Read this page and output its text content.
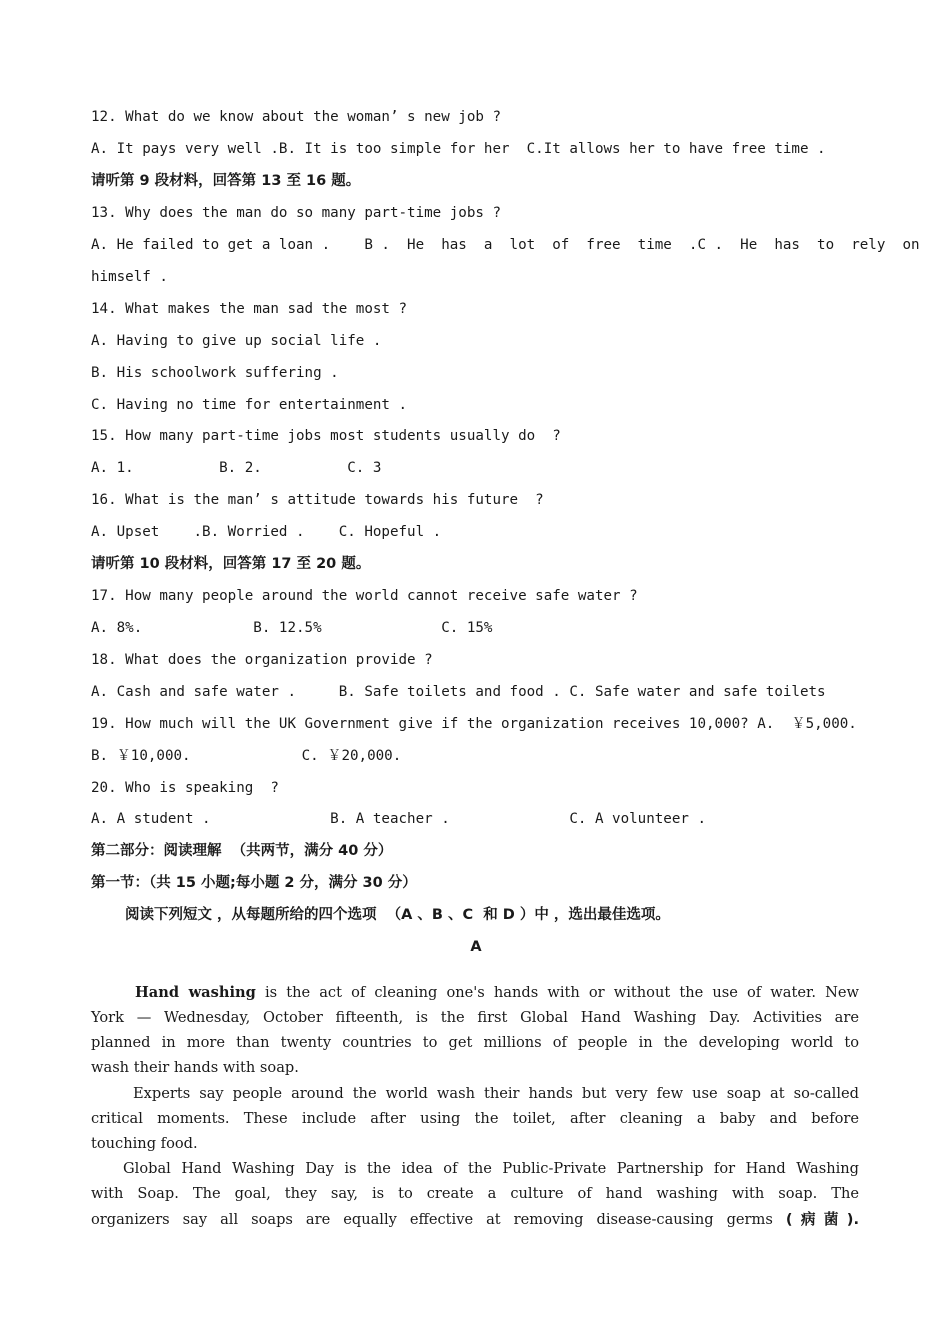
12. What do we know about the woman’ s new job ?
A. It pays very well .B. It is too simple for her  C.It allows her to have free time .
请听第 9 段材料，回答第 13 至 16 题。
13. Why does the man do so many part-time jobs ?
A. He failed to get a loan .    B .  He  has  a  lot  of  free  time  .C .  He  has  to  rely  on
himself .
14. What makes the man sad the most ?
A. Having to give up social life .
B. His schoolwork suffering .
C. Having no time for entertainment .
15. How many part-time jobs most students usually do  ?
A. 1.          B. 2.          C. 3
16. What is the man’ s attitude towards his future  ?
A. Upset    .B. Worried .    C. Hopeful .
请听第 10 段材料，回答第 17 至 20 题。
17. How many people around the world cannot receive safe water ?
A. 8%.             B. 12.5%              C. 15%
18. What does the organization provide ?
A. Cash and safe water .     B. Safe toilets and food . C. Safe water and safe toilets
19. How much will the UK Government give if the organization receives 10,000? A.  ￥5,000.
B. ￥10,000.             C. ￥20,000.
20. Who is speaking  ?
A. A student .              B. A teacher .              C. A volunteer .
第二部分：阅读理解  （共两节，满分 40 分）
第一节：（共 15 小题;每小题 2 分，满分 30 分）
阅读下列短文 ，从每题所给的四个选项  （A 、B 、C  和 D ）中 ，选出最佳选项。
A
Hand washing is the act of cleaning one's hands with or without the use of water. New
York — Wednesday, October fifteenth, is the first Global Hand Washing Day. Activities are
planned in more than twenty countries to get millions of people in the developing world to
wash their hands with soap.
Experts say people around the world wash their hands but very few use soap at so-called
critical moments. These include after using the toilet, after cleaning a baby and before
touching food.
Global Hand Washing Day is the idea of the Public-Private Partnership for Hand Washing
with Soap. The goal, they say, is to create a culture of hand washing with soap. The
organizers say all soaps are equally effective at removing disease-causing germs (病菌).
